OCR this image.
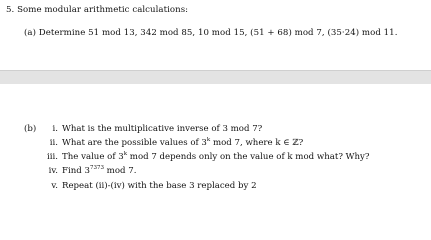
5. Some modular arithmetic calculations:
(a) Determine 51 mod 13, 342 mod 85, 10 mod 15, (51 + 68) mod 7, (35·24) mod 11.
(b)	i. What is the multiplicative inverse of 3 mod 7?
ii. What are the possible values of 3$^k$ mod 7, where k ∈ ℤ?
iii. The value of 3$^k$ mod 7 depends only on the value of k mod what? Why?
iv. Find $3^{7373}$ mod 7.
v. Repeat (ii)-(iv) with the base 3 replaced by 2
